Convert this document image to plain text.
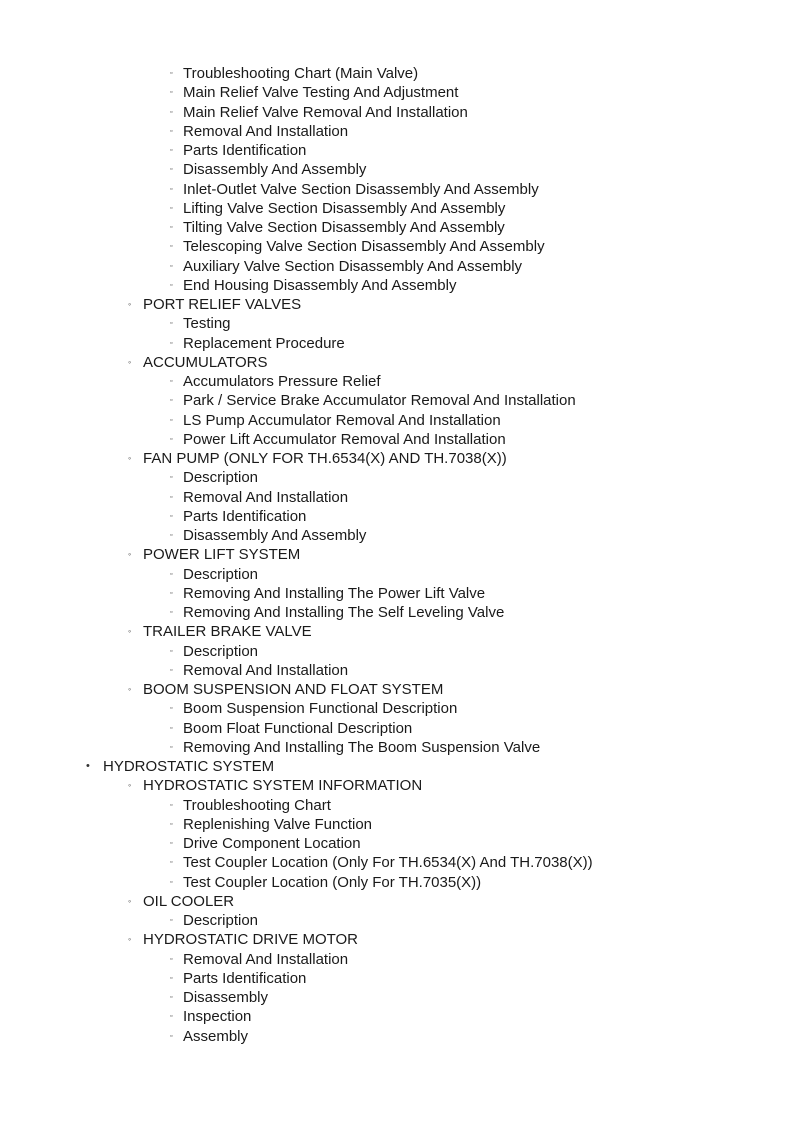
▫ Troubleshooting Chart (Main Valve)
▫ Main Relief Valve Testing And Adjustment
▫ Main Relief Valve Removal And Installation
▫ Removal And Installation
▫ Parts Identification
▫ Disassembly And Assembly
▫ Inlet-Outlet Valve Section Disassembly And Assembly
▫ Lifting Valve Section Disassembly And Assembly
▫ Tilting Valve Section Disassembly And Assembly
▫ Telescoping Valve Section Disassembly And Assembly
▫ Auxiliary Valve Section Disassembly And Assembly
▫ End Housing Disassembly And Assembly
◦ PORT RELIEF VALVES
▫ Testing
▫ Replacement Procedure
◦ ACCUMULATORS
▫ Accumulators Pressure Relief
▫ Park / Service Brake Accumulator Removal And Installation
▫ LS Pump Accumulator Removal And Installation
▫ Power Lift Accumulator Removal And Installation
◦ FAN PUMP (ONLY FOR TH.6534(X) AND TH.7038(X))
▫ Description
▫ Removal And Installation
▫ Parts Identification
▫ Disassembly And Assembly
◦ POWER LIFT SYSTEM
▫ Description
▫ Removing And Installing The Power Lift Valve
▫ Removing And Installing The Self Leveling Valve
◦ TRAILER BRAKE VALVE
▫ Description
▫ Removal And Installation
◦ BOOM SUSPENSION AND FLOAT SYSTEM
▫ Boom Suspension Functional Description
▫ Boom Float Functional Description
▫ Removing And Installing The Boom Suspension Valve
• HYDROSTATIC SYSTEM
◦ HYDROSTATIC SYSTEM INFORMATION
▫ Troubleshooting Chart
▫ Replenishing Valve Function
▫ Drive Component Location
▫ Test Coupler Location (Only For TH.6534(X) And TH.7038(X))
▫ Test Coupler Location (Only For TH.7035(X))
◦ OIL COOLER
▫ Description
◦ HYDROSTATIC DRIVE MOTOR
▫ Removal And Installation
▫ Parts Identification
▫ Disassembly
▫ Inspection
▫ Assembly
